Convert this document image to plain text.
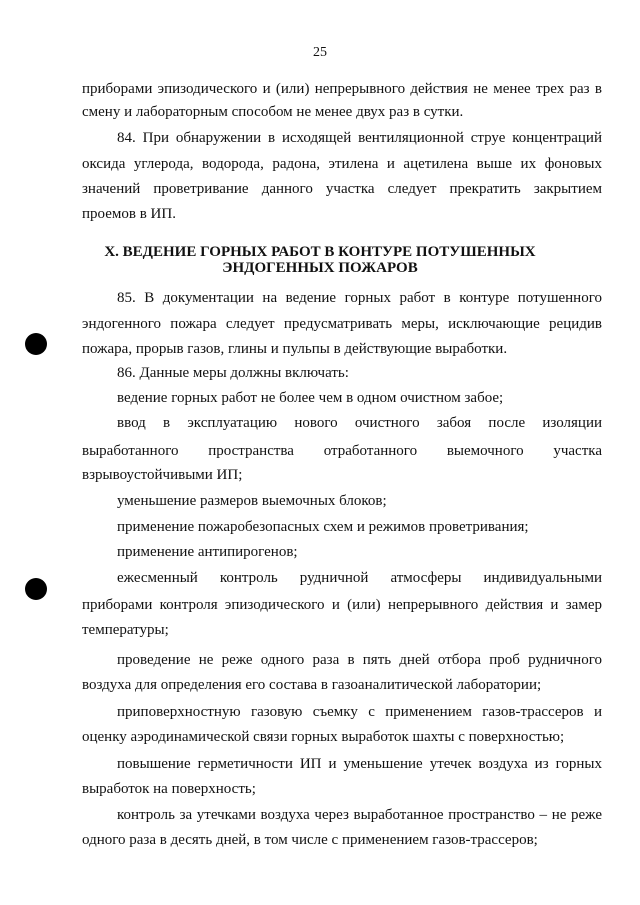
25
приборами эпизодического и (или) непрерывного действия не менее трех раз в
смену и лабораторным способом не менее двух раз в сутки.
84. При обнаружении в исходящей вентиляционной струе концентраций
оксида углерода, водорода, радона, этилена и ацетилена выше их фоновых
значений проветривание данного участка следует прекратить закрытием
проемов в ИП.
X. ВЕДЕНИЕ ГОРНЫХ РАБОТ В КОНТУРЕ ПОТУШЕННЫХ
ЭНДОГЕННЫХ ПОЖАРОВ
85. В документации на ведение горных работ в контуре потушенного
эндогенного пожара следует предусматривать меры, исключающие рецидив
пожара, прорыв газов, глины и пульпы в действующие выработки.
86. Данные меры должны включать:
ведение горных работ не более чем в одном очистном забое;
ввод в эксплуатацию нового очистного забоя после изоляции
выработанного пространства отработанного выемочного участка
взрывоустойчивыми ИП;
уменьшение размеров выемочных блоков;
применение пожаробезопасных схем и режимов проветривания;
применение антипирогенов;
ежесменный контроль рудничной атмосферы индивидуальными
приборами контроля эпизодического и (или) непрерывного действия и замер
температуры;
проведение не реже одного раза в пять дней отбора проб рудничного
воздуха для определения его состава в газоаналитической лаборатории;
приповерхностную газовую съемку с применением газов-трассеров и
оценку аэродинамической связи горных выработок шахты с поверхностью;
повышение герметичности ИП и уменьшение утечек воздуха из горных
выработок на поверхность;
контроль за утечками воздуха через выработанное пространство – не реже
одного раза в десять дней, в том числе с применением газов-трассеров;
